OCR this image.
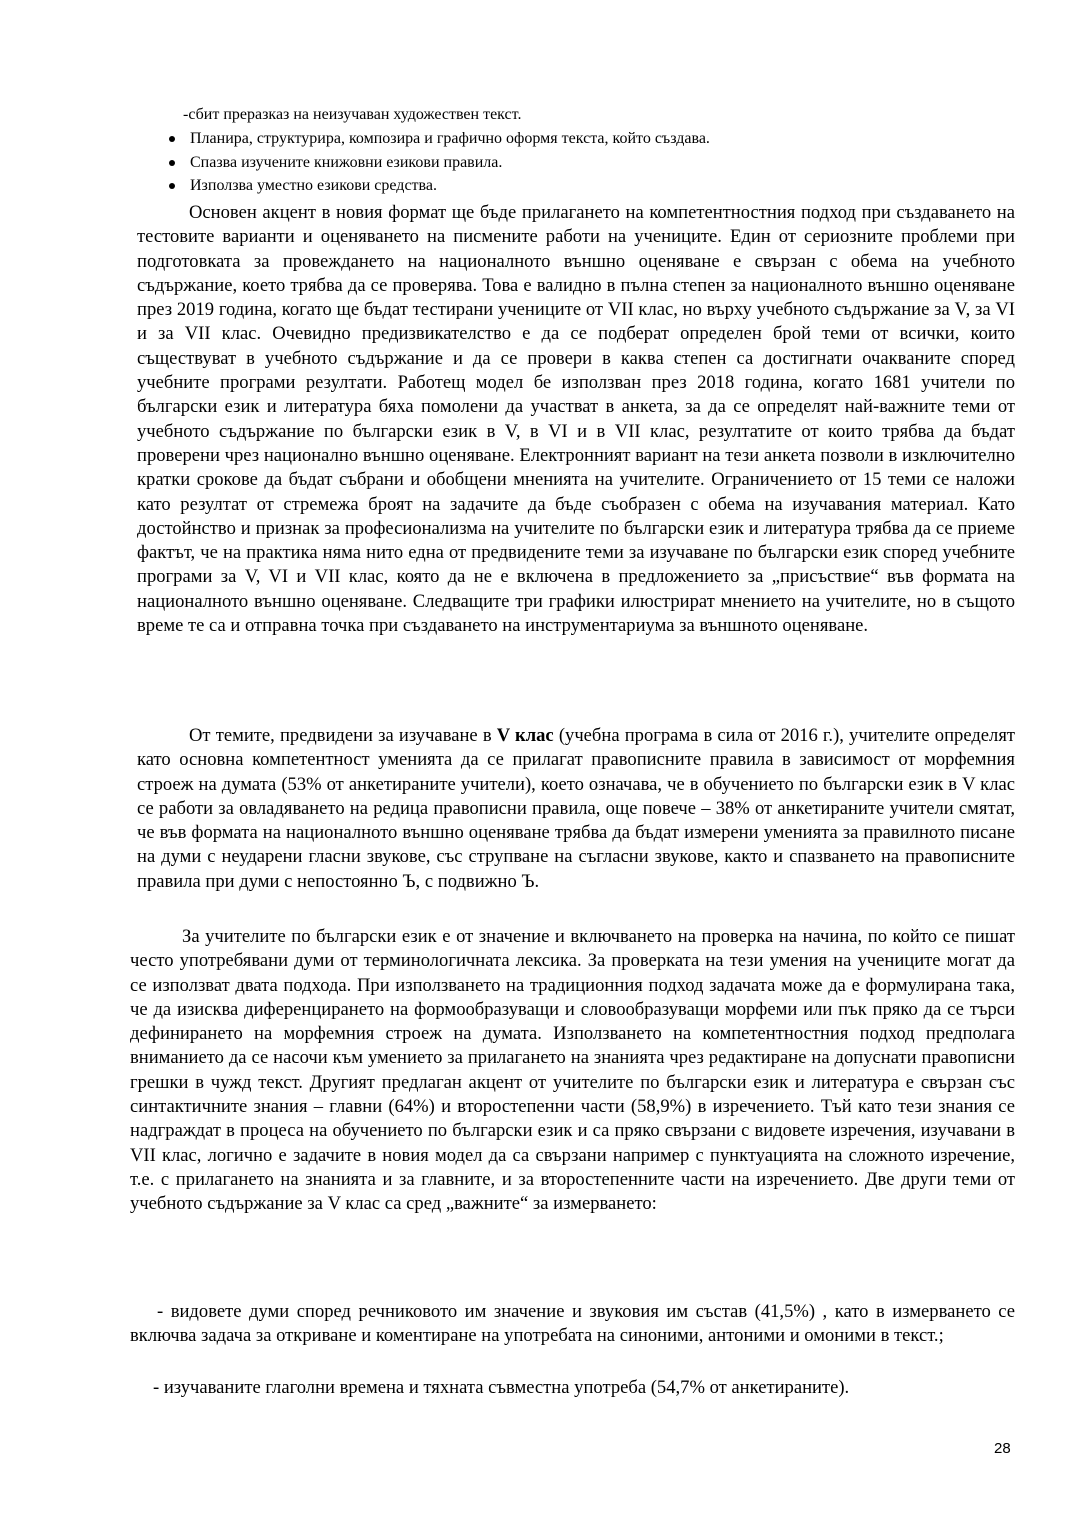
-сбит преразказ на неизучаван художествен текст.
Планира, структурира, композира и графично оформя текста, който създава.
Спазва изучените книжовни езикови правила.
Използва уместно езикови средства.

Основен акцент в новия формат ще бъде прилагането на компетентностния подход при създаването на тестовите варианти и оценяването на писмените работи на учениците. Един от сериозните проблеми при подготовката за провеждането на националното външно оценяване е свързан с обема на учебното съдържание, което трябва да се проверява. Това е валидно в пълна степен за националното външно оценяване през 2019 година, когато ще бъдат тестирани учениците от VII клас, но върху учебното съдържание за V, за VI и за VII клас. Очевидно предизвикателство е да се подберат определен брой теми от всички, които съществуват в учебното съдържание и да се провери в каква степен са достигнати очакваните според учебните програми резултати. Работещ модел бе използван през 2018 година, когато 1681 учители по български език и литература бяха помолени да участват в анкета, за да се определят най-важните теми от учебното съдържание по български език в V, в VI и в VII клас, резултатите от които трябва да бъдат проверени чрез национално външно оценяване. Електронният вариант на тези анкета позволи в изключително кратки срокове да бъдат събрани и обобщени мненията на учителите. Ограничението от 15 теми се наложи като резултат от стремежа броят на задачите да бъде съобразен с обема на изучавания материал. Като достойнство и признак за професионализма на учителите по български език и литература трябва да се приеме фактът, че на практика няма нито една от предвидените теми за изучаване по български език според учебните програми за V, VI и VII клас, която да не е включена в предложението за „присъствие“ във формата на националното външно оценяване. Следващите три графики илюстрират мнението на учителите, но в същото време те са и отправна точка при създаването на инструментариума за външното оценяване.

От темите, предвидени за изучаване в V клас (учебна програма в сила от 2016 г.), учителите определят като основна компетентност уменията да се прилагат правописните правила в зависимост от морфемния строеж на думата (53% от анкетираните учители), което означава, че в обучението по български език в V клас се работи за овладяването на редица правописни правила, още повече – 38% от анкетираните учители смятат, че във формата на националното външно оценяване трябва да бъдат измерени уменията за правилното писане на думи с неударени гласни звукове, със струпване на съгласни звукове, както и спазването на правописните правила при думи с непостоянно Ъ, с подвижно Ъ.

За учителите по български език е от значение и включването на проверка на начина, по който се пишат често употребявани думи от терминологичната лексика. За проверката на тези умения на учениците могат да се използват двата подхода. При използването на традиционния подход задачата може да е формулирана така, че да изисква диференцирането на формообразуващи и словообразуващи морфеми или пък пряко да се търси дефинирането на морфемния строеж на думата. Използването на компетентностния подход предполага вниманието да се насочи към умението за прилагането на знанията чрез редактиране на допуснати правописни грешки в чужд текст. Другият предлаган акцент от учителите по български език и литература е свързан със синтактичните знания – главни (64%) и второстепенни части (58,9%) в изречението. Тъй като тези знания се надграждат в процеса на обучението по български език и са пряко свързани с видовете изречения, изучавани в VII клас, логично е задачите в новия модел да са свързани например с пунктуацията на сложното изречение, т.е. с прилагането на знанията и за главните, и за второстепенните части на изречението. Две други теми от учебното съдържание за V клас са сред „важните“ за измерването:

- видовете думи според речниковото им значение и звуковия им състав (41,5%) , като в измерването се включва задача за откриване и коментиране на употребата на синоними, антоними и омоними в текст.;

- изучаваните глаголни времена и тяхната съвместна употреба (54,7% от анкетираните).

28
